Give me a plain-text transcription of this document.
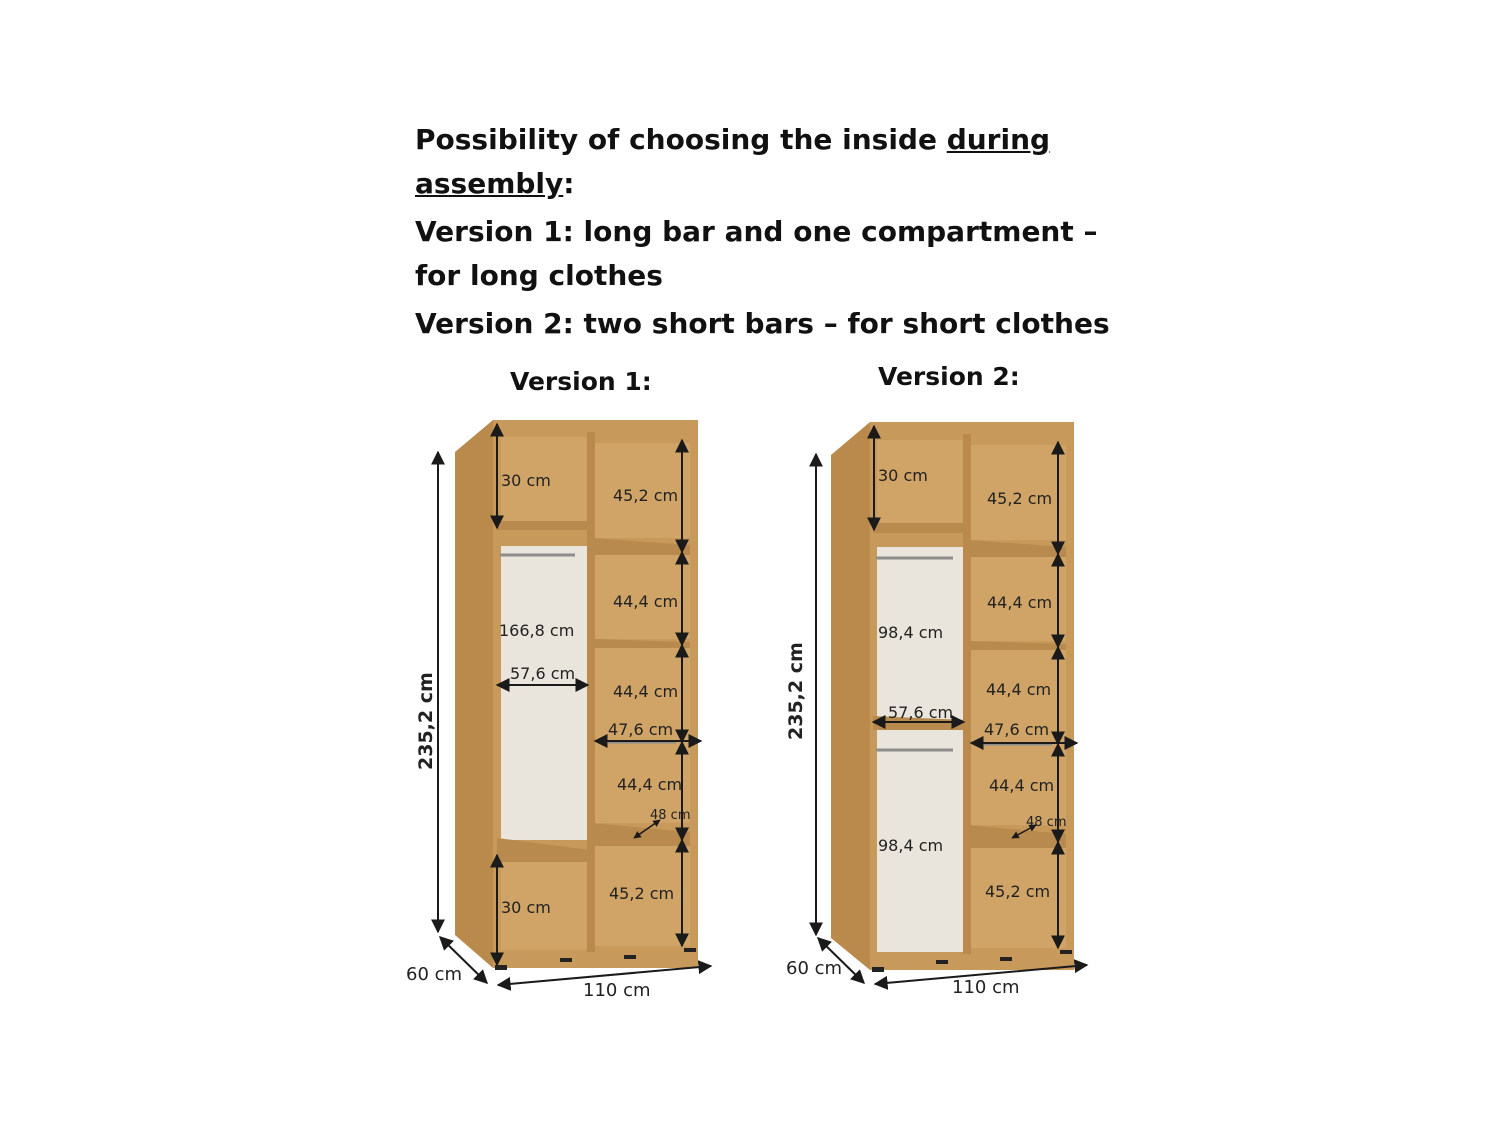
Possibility of choosing the inside during
assembly:

Version 1: long bar and one compartment – for long clothes

Version 2: two short bars – for short clothes

Version 1:	Version 2:
235,2 cm
60 cm
110 cm
30 cm
166,8 cm
57,6 cm
30 cm
45,2 cm
44,4 cm
44,4 cm
47,6 cm
44,4 cm
48 cm
45,2 cm
235,2 cm
60 cm
110 cm
30 cm
98,4 cm
57,6 cm
98,4 cm
45,2 cm
44,4 cm
44,4 cm
47,6 cm
44,4 cm
48 cm
45,2 cm
